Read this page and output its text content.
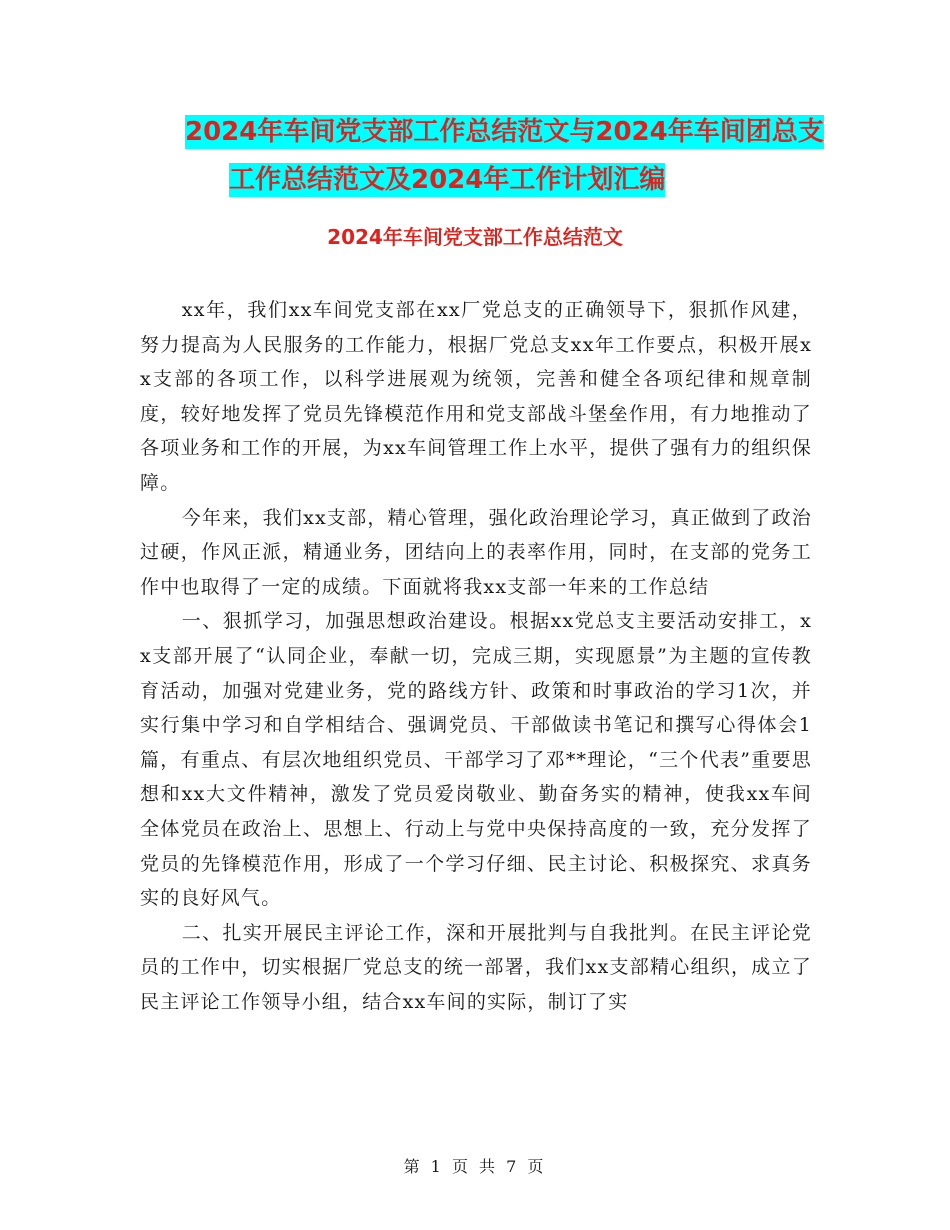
2024年车间党支部工作总结范文与2024年车间团总支
工作总结范文及2024年工作计划汇编
2024年车间党支部工作总结范文

xx年，我们xx车间党支部在xx厂党总支的正确领导下，狠抓作风建，努力提高为人民服务的工作能力，根据厂党总支xx年工作要点，积极开展xx支部的各项工作，以科学进展观为统领，完善和健全各项纪律和规章制度，较好地发挥了党员先锋模范作用和党支部战斗堡垒作用，有力地推动了各项业务和工作的开展，为xx车间管理工作上水平，提供了强有力的组织保障。

今年来，我们xx支部，精心管理，强化政治理论学习，真正做到了政治过硬，作风正派，精通业务，团结向上的表率作用，同时，在支部的党务工作中也取得了一定的成绩。下面就将我xx支部一年来的工作总结

一、狠抓学习，加强思想政治建设。根据xx党总支主要活动安排工，xx支部开展了“认同企业，奉献一切，完成三期，实现愿景”为主题的宣传教育活动，加强对党建业务，党的路线方针、政策和时事政治的学习1次，并实行集中学习和自学相结合、强调党员、干部做读书笔记和撰写心得体会1篇，有重点、有层次地组织党员、干部学习了邓**理论，“三个代表”重要思想和xx大文件精神，激发了党员爱岗敬业、勤奋务实的精神，使我xx车间全体党员在政治上、思想上、行动上与党中央保持高度的一致，充分发挥了党员的先锋模范作用，形成了一个学习仔细、民主讨论、积极探究、求真务实的良好风气。

二、扎实开展民主评论工作，深和开展批判与自我批判。在民主评论党员的工作中，切实根据厂党总支的统一部署，我们xx支部精心组织，成立了民主评论工作领导小组，结合xx车间的实际，制订了实

第 1 页 共 7 页
